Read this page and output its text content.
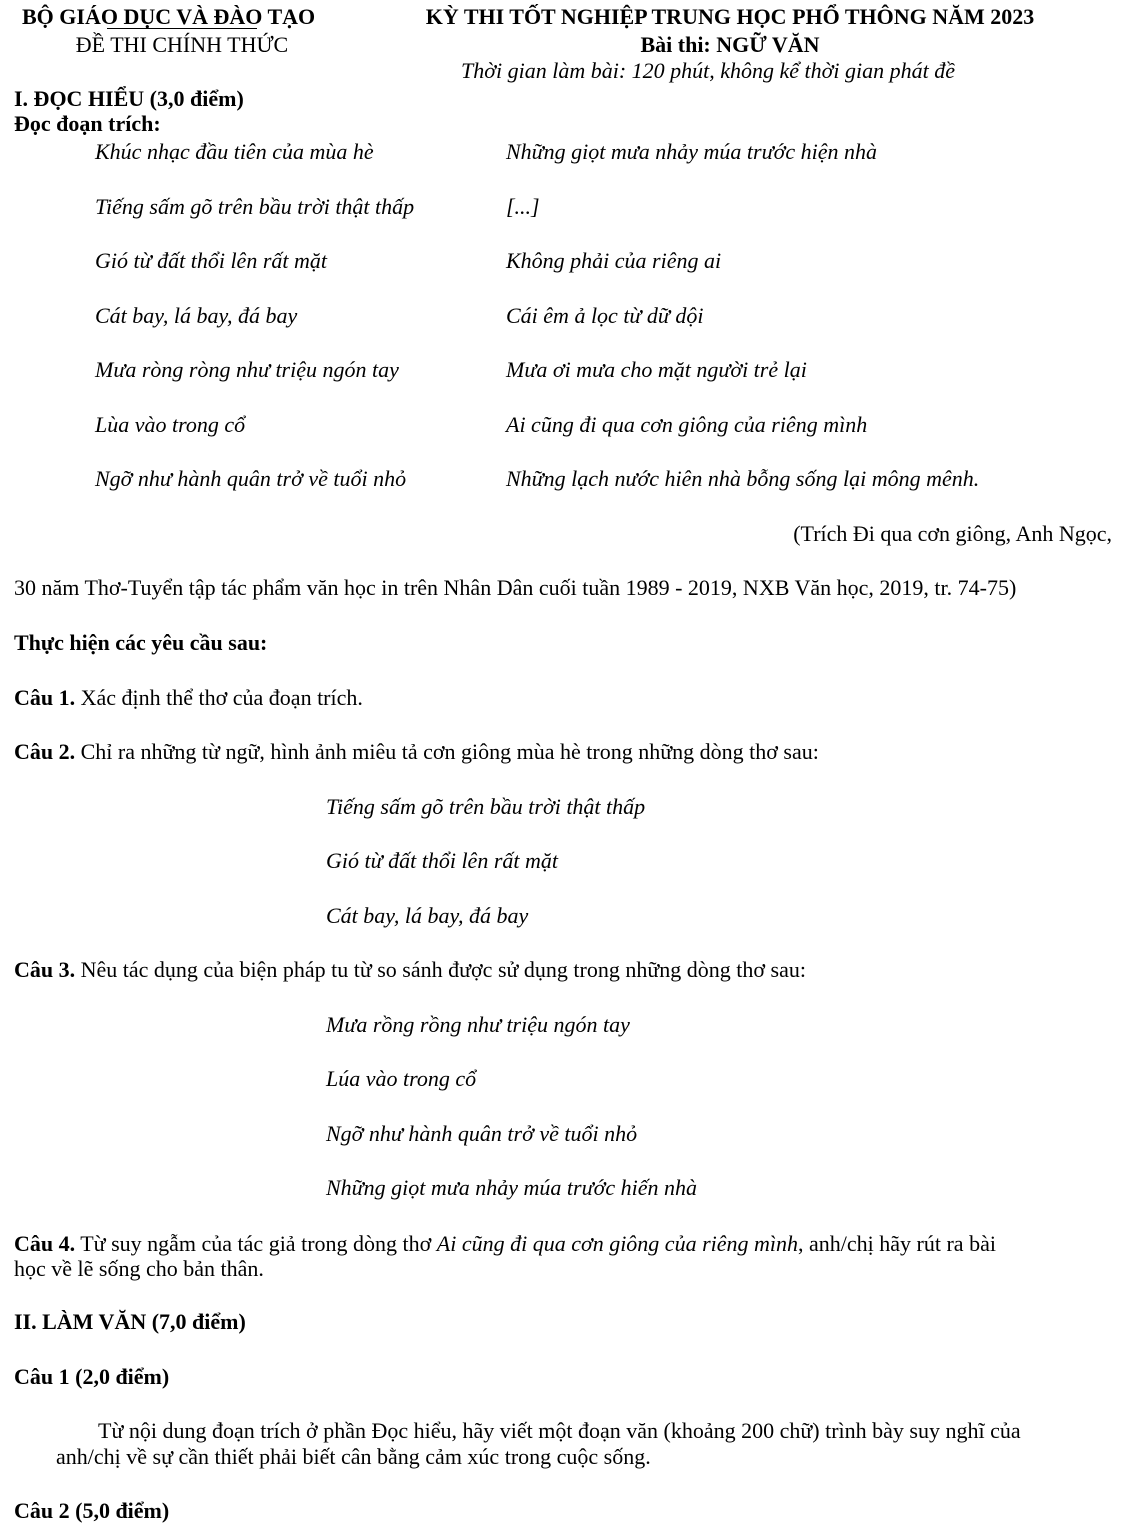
BỘ GIÁO DỤC VÀ ĐÀO TẠO
ĐỀ THI CHÍNH THỨC
KỲ THI TỐT NGHIỆP TRUNG HỌC PHỔ THÔNG NĂM 2023
Bài thi: NGỮ VĂN
Thời gian làm bài: 120 phút, không kể thời gian phát đề
I. ĐỌC HIỂU (3,0 điểm)
Đọc đoạn trích:
Khúc nhạc đầu tiên của mùa hè
Tiếng sấm gõ trên bầu trời thật thấp
Gió từ đất thổi lên rất mặt
Cát bay, lá bay, đá bay
Mưa ròng ròng như triệu ngón tay
Lùa vào trong cổ
Ngỡ như hành quân trở về tuổi nhỏ
Những giọt mưa nhảy múa trước hiện nhà
[...]
Không phải của riêng ai
Cái êm ả lọc từ dữ dội
Mưa ơi mưa cho mặt người trẻ lại
Ai cũng đi qua cơn giông của riêng mình
Những lạch nước hiên nhà bỗng sống lại mông mênh.
(Trích Đi qua cơn giông, Anh Ngọc,
30 năm Thơ-Tuyển tập tác phẩm văn học in trên Nhân Dân cuối tuần 1989 - 2019, NXB Văn học, 2019, tr. 74-75)
Thực hiện các yêu cầu sau:
Câu 1. Xác định thể thơ của đoạn trích.
Câu 2. Chỉ ra những từ ngữ, hình ảnh miêu tả cơn giông mùa hè trong những dòng thơ sau:
Tiếng sấm gõ trên bầu trời thật thấp
Gió từ đất thổi lên rất mặt
Cát bay, lá bay, đá bay
Câu 3. Nêu tác dụng của biện pháp tu từ so sánh được sử dụng trong những dòng thơ sau:
Mưa rồng rồng như triệu ngón tay
Lúa vào trong cổ
Ngỡ như hành quân trở về tuổi nhỏ
Những giọt mưa nhảy múa trước hiến nhà
Câu 4. Từ suy ngẫm của tác giả trong dòng thơ Ai cũng đi qua cơn giông của riêng mình, anh/chị hãy rút ra bài
học về lẽ sống cho bản thân.
II. LÀM VĂN (7,0 điểm)
Câu 1 (2,0 điểm)
Từ nội dung đoạn trích ở phần Đọc hiểu, hãy viết một đoạn văn (khoảng 200 chữ) trình bày suy nghĩ của
anh/chị về sự cần thiết phải biết cân bằng cảm xúc trong cuộc sống.
Câu 2 (5,0 điểm)
